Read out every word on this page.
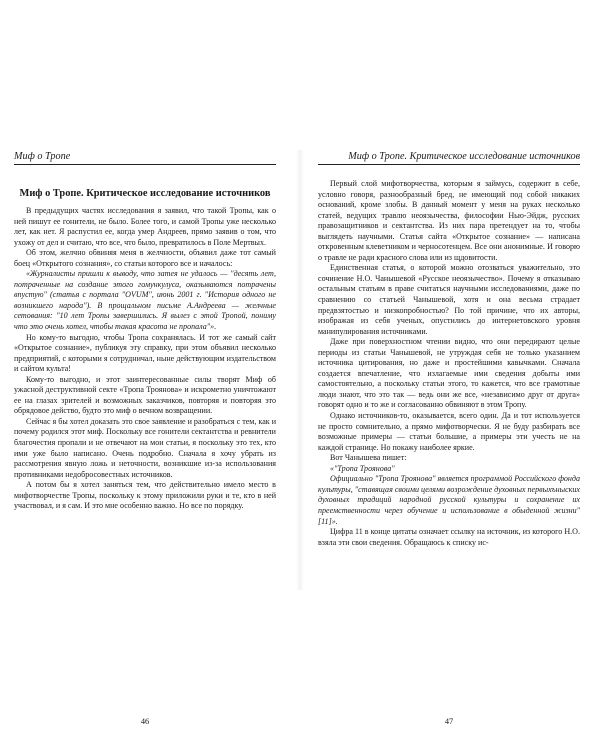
Миф о Тропе
Миф о Тропе. Критическое исследование источников

В предыдущих частях исследования я заявил, что такой Тропы, как о ней пишут ее гонители, не было. Более того, и самой Тропы уже несколько лет, как нет. Я распустил ее, когда умер Андреев, прямо заявив о том, что ухожу от дел и считаю, что все, что было, превратилось в Поле Мертвых.

Об этом, желчно обвиняя меня в желчности, объявил даже тот самый боец «Открытого сознания», со статьи которого все и началось:

«Журналисты пришли к выводу, что затея не удалось — "десять лет, потраченные на создание этого гомункулуса, оказываются потрачены впустую" (статья с портала "OVUM", июнь 2001 г. "История одного не возникшего народа"). В прощальном письме А.Андреева — желчные сетования: "10 лет Тропы завершились. Я вылез с этой Тропой, пониму что это очень хотел, чтобы такая красота не пропала"».

Но кому-то выгодно, чтобы Тропа сохранялась. И тот же самый сайт «Открытое сознание», публикуя эту справку, при этом объявил несколько предприятий, с которыми я сотрудничал, ныне действующим издательством и сайтом культа!

Кому-то выгодно, и этот заинтересованные силы творят Миф об ужасной деструктивной секте «Тропа Трояновa» и искрометно уничтожают ее на глазах зрителей и возможных заказчиков, повторяя и повторяя это обрядовое действо, будто это миф о вечном возвращении.

Сейчас я бы хотел доказать это свое заявление и разобраться с тем, как и почему родился этот миф. Поскольку все гонители сектантства и ревнители благочестия пропали и не отвечают на мои статьи, я поскольку это тех, кто ими уже было написано. Очень подробно. Сначала я хочу убрать из рассмотрения явную ложь и неточности, возникшие из-за использования противниками недобросовестных источников.

А потом бы я хотел заняться тем, что действительно имело место в мифотворчестве Тропы, поскольку к этому приложили руки и те, кто в ней участвовал, и я сам. И это мне особенно важно. Но все по порядку.

46
Миф о Тропе. Критическое исследование источников

Первый слой мифотворчества, которым я займусь, содержит в себе, условно говоря, разнообразный бред, не имеющий под собой никаких оснований, кроме злобы. В данный момент у меня на руках несколько статей, ведущих травлю неоязычества, философии Нью-Эйдж, русских правозащитников и сектантства. Из них пара претендует на то, чтобы выглядеть научными. Статья сайта «Открытое сознание» — написана откровенным клеветником и черносотенцем. Все они анонимные. И говорю о травле не ради красного слова или из щдовитости.

Единственная статья, о которой можно отозваться уважительно, это сочинение Н.О. Чанышевой «Русское неоязычество». Почему я отказываю остальным статьям в праве считаться научными исследованиями, даже по сравнению со статьей Чанышевой, хотя и она весьма страдает предвзятостью и низкопробностью? По той причине, что их авторы, изображая из себя ученых, опустились до интернетовского уровня манипулирования источниками.

Даже при поверхностном чтении видно, что они передирают целые периоды из статьи Чанышевой, не утруждая себя не только указанием источника цитирования, но даже и простейшими кавычками. Сначала создается впечатление, что излагаемые ими сведения добыты ими самостоятельно, а поскольку статьи этого, то кажется, что все грамотные люди знают, что это так — ведь они же все, «независимо друг от друга» говорят одно и то же и согласованно обвиняют в этом Тропу.

Однако источников-то, оказывается, всего один. Да и тот используется не просто сомнительно, а прямо мифотворчески. Я не буду разбирать все возможные примеры — статьи большие, а примеры эти учесть не на каждой странице. Но покажу наиболее яркие.

Вот Чанышева пишет:

«"Тропа Трояновa"

Официально "Тропа Трояновa" является программой Российского фонда культуры, "ставящая своими целями возрождение духовных первыхъныских духовных традиций народной русской культуры и сохранение их преемственности через обучение и использование в обыденной жизни" [11]».

Цифра 11 в конце цитаты означает ссылку на источник, из которого Н.О. взяла эти свои сведения. Обращаюсь к списку ис-

47
